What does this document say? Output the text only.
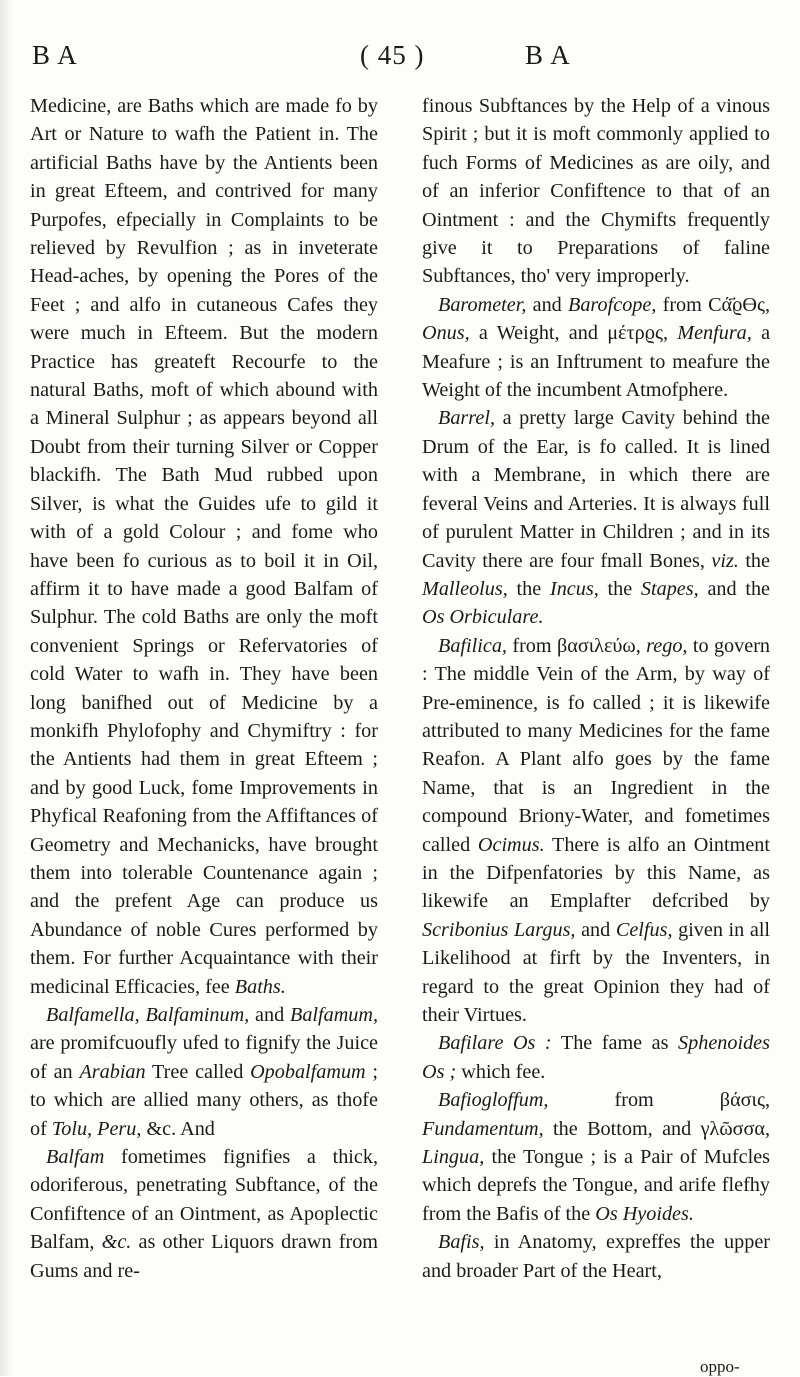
B A	( 45 )	B A

Medicine, are Baths which are made fo by Art or Nature to wafh the Patient in. The artificial Baths have by the Antients been in great Efteem, and contrived for many Purpofes, efpecially in Complaints to be relieved by Revulfion ; as in inveterate Head-aches, by opening the Pores of the Feet ; and alfo in cutaneous Cafes they were much in Efteem. But the modern Practice has greateft Recourfe to the natural Baths, moft of which abound with a Mineral Sulphur ; as appears beyond all Doubt from their turning Silver or Copper blackifh. The Bath Mud rubbed upon Silver, is what the Guides ufe to gild it with of a gold Colour ; and fome who have been fo curious as to boil it in Oil, affirm it to have made a good Balfam of Sulphur. The cold Baths are only the moft convenient Springs or Refervatories of cold Water to wafh in. They have been long banifhed out of Medicine by a monkifh Phylofophy and Chymiftry : for the Antients had them in great Efteem ; and by good Luck, fome Improvements in Phyfical Reafoning from the Affiftances of Geometry and Mechanicks, have brought them into tolerable Countenance again ; and the prefent Age can produce us Abundance of noble Cures performed by them. For further Acquaintance with their medicinal Efficacies, fee Baths.

Balfamella, Balfaminum, and Balfamum, are promifcuoufly ufed to fignify the Juice of an Arabian Tree called Opobalfamum ; to which are allied many others, as thofe of Tolu, Peru, &c. And

Balfam fometimes fignifies a thick, odoriferous, penetrating Subftance, of the Confiftence of an Ointment, as Apoplectic Balfam, &c. as other Liquors drawn from Gums and re-

finous Subftances by the Help of a vinous Spirit ; but it is moft commonly applied to fuch Forms of Medicines as are oily, and of an inferior Confiftence to that of an Ointment : and the Chymifts frequently give it to Preparations of faline Subftances, tho' very improperly.

Barometer, and Barofcope, from Cά҃ϱϴς, Onus, a Weight, and μέτρϱς, Menfura, a Meafure ; is an Inftrument to meafure the Weight of the incumbent Atmofphere.

Barrel, a pretty large Cavity behind the Drum of the Ear, is fo called. It is lined with a Membrane, in which there are feveral Veins and Arteries. It is always full of purulent Matter in Children ; and in its Cavity there are four fmall Bones, viz. the Malleolus, the Incus, the Stapes, and the Os Orbiculare.

Bafilica, from βασιλεύω, rego, to govern : The middle Vein of the Arm, by way of Pre-eminence, is fo called ; it is likewife attributed to many Medicines for the fame Reafon. A Plant alfo goes by the fame Name, that is an Ingredient in the compound Briony-Water, and fometimes called Ocimus. There is alfo an Ointment in the Difpenfatories by this Name, as likewife an Emplafter defcribed by Scribonius Largus, and Celfus, given in all Likelihood at firft by the Inventers, in regard to the great Opinion they had of their Virtues.

Bafilare Os : The fame as Sphenoides Os ; which fee.

Bafiogloffum,	from	βάσις, Fundamentum, the Bottom, and γλῶσσα, Lingua, the Tongue ; is a Pair of Mufcles which deprefs the Tongue, and arife flefhy from the Bafis of the Os Hyoides.

Bafis, in Anatomy, expreffes the upper and broader Part of the Heart,

oppo-
